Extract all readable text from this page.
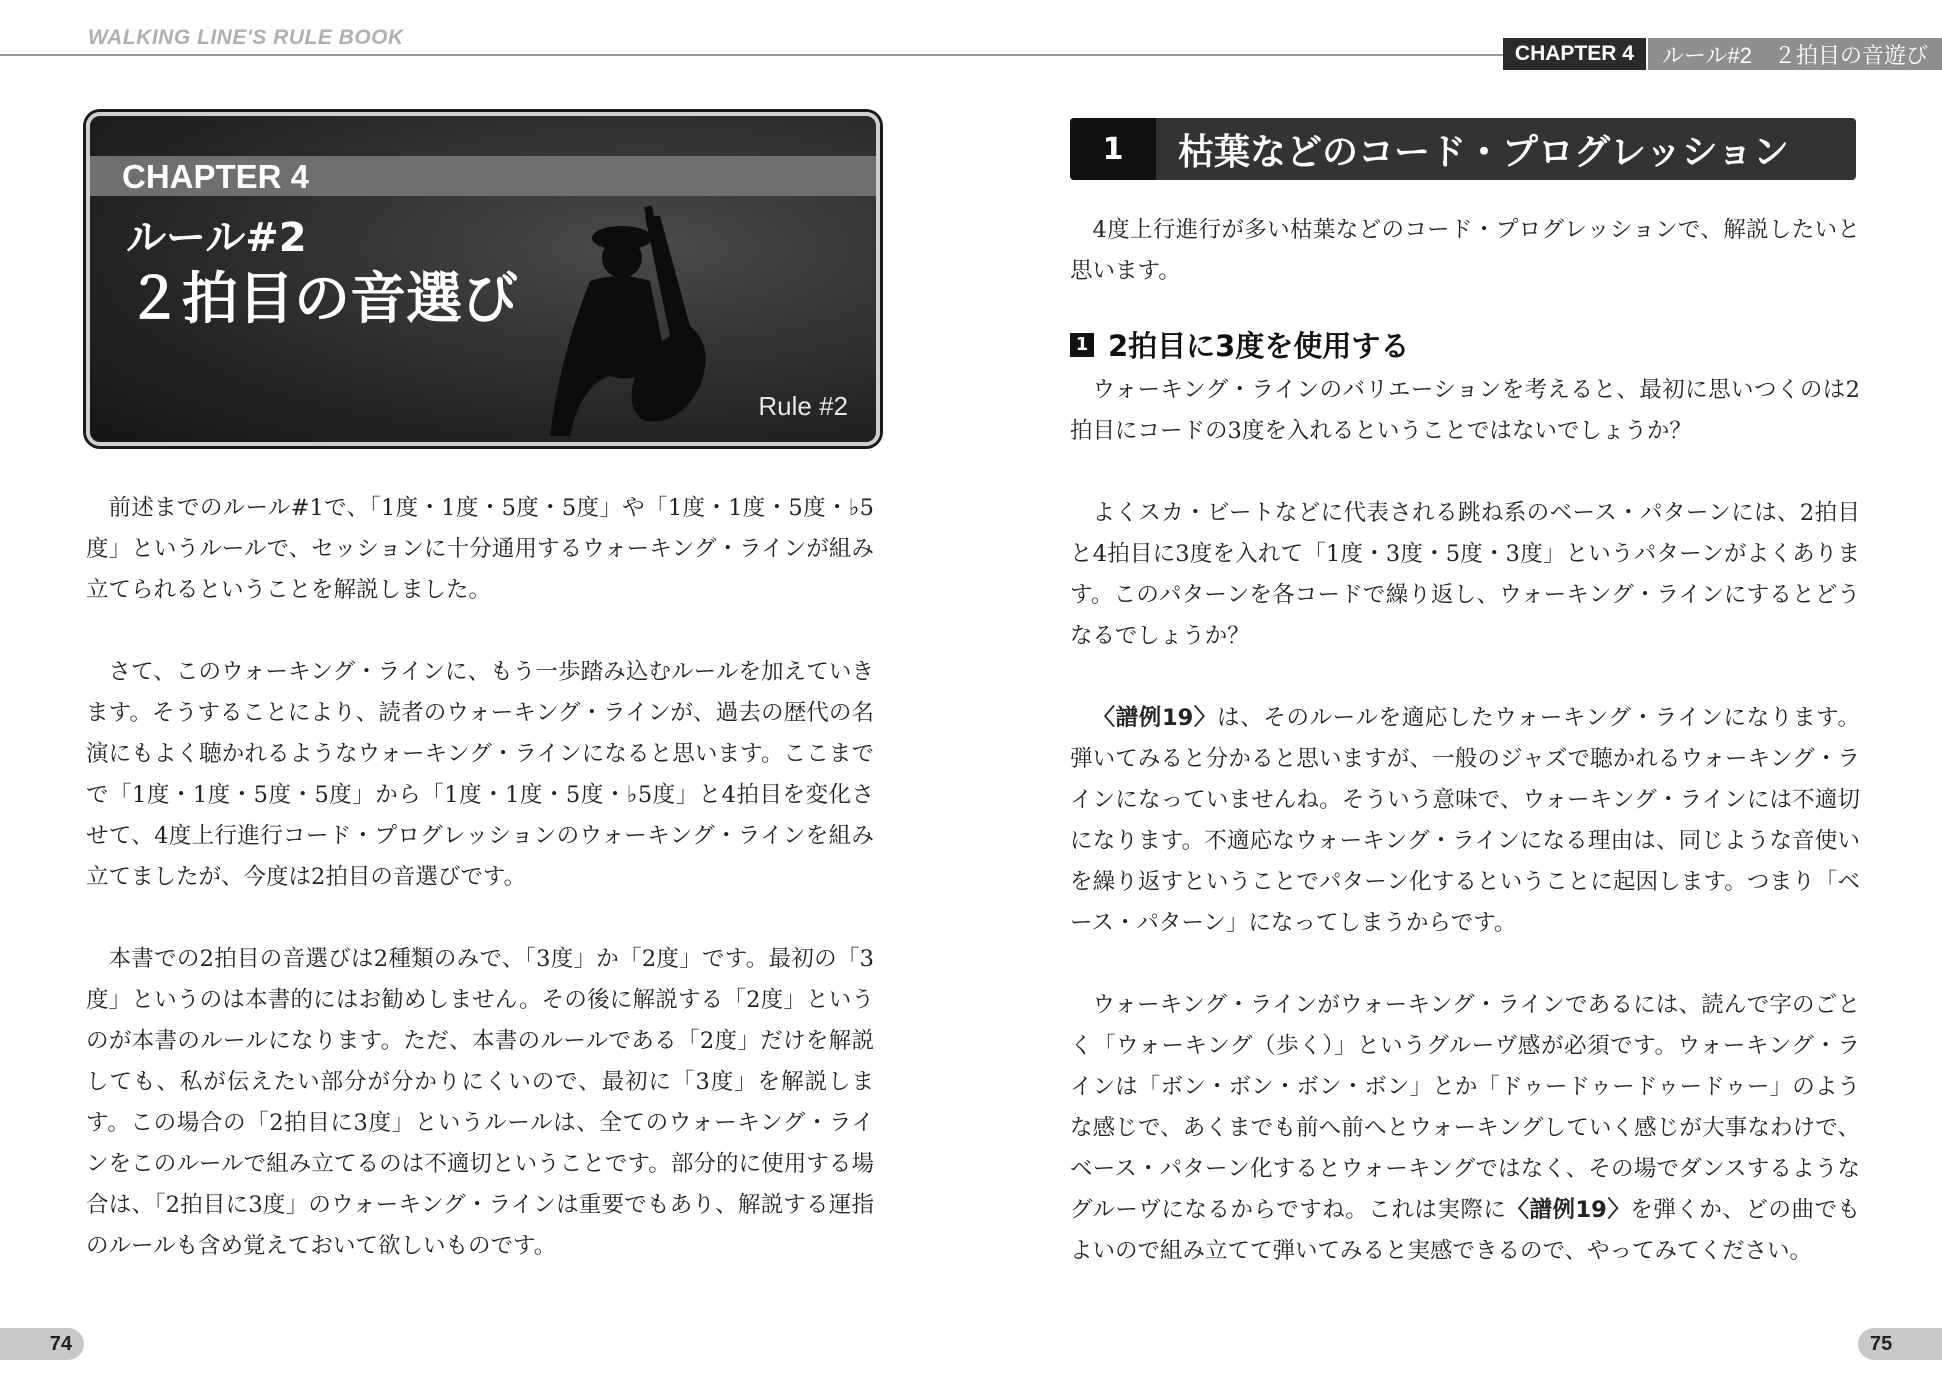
WALKING LINE'S RULE BOOK
CHAPTER 4	ルール#2　２拍目の音遊び
CHAPTER 4
ルール#2
２拍目の音選び
Rule #2

前述までのルール#1で、「1度・1度・5度・5度」や「1度・1度・5度・♭5度」というルールで、セッションに十分通用するウォーキング・ラインが組み立てられるということを解説しました。

さて、このウォーキング・ラインに、もう一歩踏み込むルールを加えていきます。そうすることにより、読者のウォーキング・ラインが、過去の歴代の名演にもよく聴かれるようなウォーキング・ラインになると思います。ここまでで「1度・1度・5度・5度」から「1度・1度・5度・♭5度」と4拍目を変化させて、4度上行進行コード・プログレッションのウォーキング・ラインを組み立てましたが、今度は2拍目の音選びです。

本書での2拍目の音選びは2種類のみで、「3度」か「2度」です。最初の「3度」というのは本書的にはお勧めしません。その後に解説する「2度」というのが本書のルールになります。ただ、本書のルールである「2度」だけを解説しても、私が伝えたい部分が分かりにくいので、最初に「3度」を解説します。この場合の「2拍目に3度」というルールは、全てのウォーキング・ラインをこのルールで組み立てるのは不適切ということです。部分的に使用する場合は、「2拍目に3度」のウォーキング・ラインは重要でもあり、解説する運指のルールも含め覚えておいて欲しいものです。

1	枯葉などのコード・プログレッション

4度上行進行が多い枯葉などのコード・プログレッションで、解説したいと思います。

1 2拍目に3度を使用する

ウォーキング・ラインのバリエーションを考えると、最初に思いつくのは2拍目にコードの3度を入れるということではないでしょうか？

よくスカ・ビートなどに代表される跳ね系のベース・パターンには、2拍目と4拍目に3度を入れて「1度・3度・5度・3度」というパターンがよくあります。このパターンを各コードで繰り返し、ウォーキング・ラインにするとどうなるでしょうか？

〈譜例19〉は、そのルールを適応したウォーキング・ラインになります。弾いてみると分かると思いますが、一般のジャズで聴かれるウォーキング・ラインになっていませんね。そういう意味で、ウォーキング・ラインには不適切になります。不適応なウォーキング・ラインになる理由は、同じような音使いを繰り返すということでパターン化するということに起因します。つまり「ベース・パターン」になってしまうからです。

ウォーキング・ラインがウォーキング・ラインであるには、読んで字のごとく「ウォーキング（歩く）」というグルーヴ感が必須です。ウォーキング・ラインは「ボン・ボン・ボン・ボン」とか「ドゥードゥードゥードゥー」のような感じで、あくまでも前へ前へとウォーキングしていく感じが大事なわけで、ベース・パターン化するとウォーキングではなく、その場でダンスするようなグルーヴになるからですね。これは実際に〈譜例19〉を弾くか、どの曲でもよいので組み立てて弾いてみると実感できるので、やってみてください。

74	75
